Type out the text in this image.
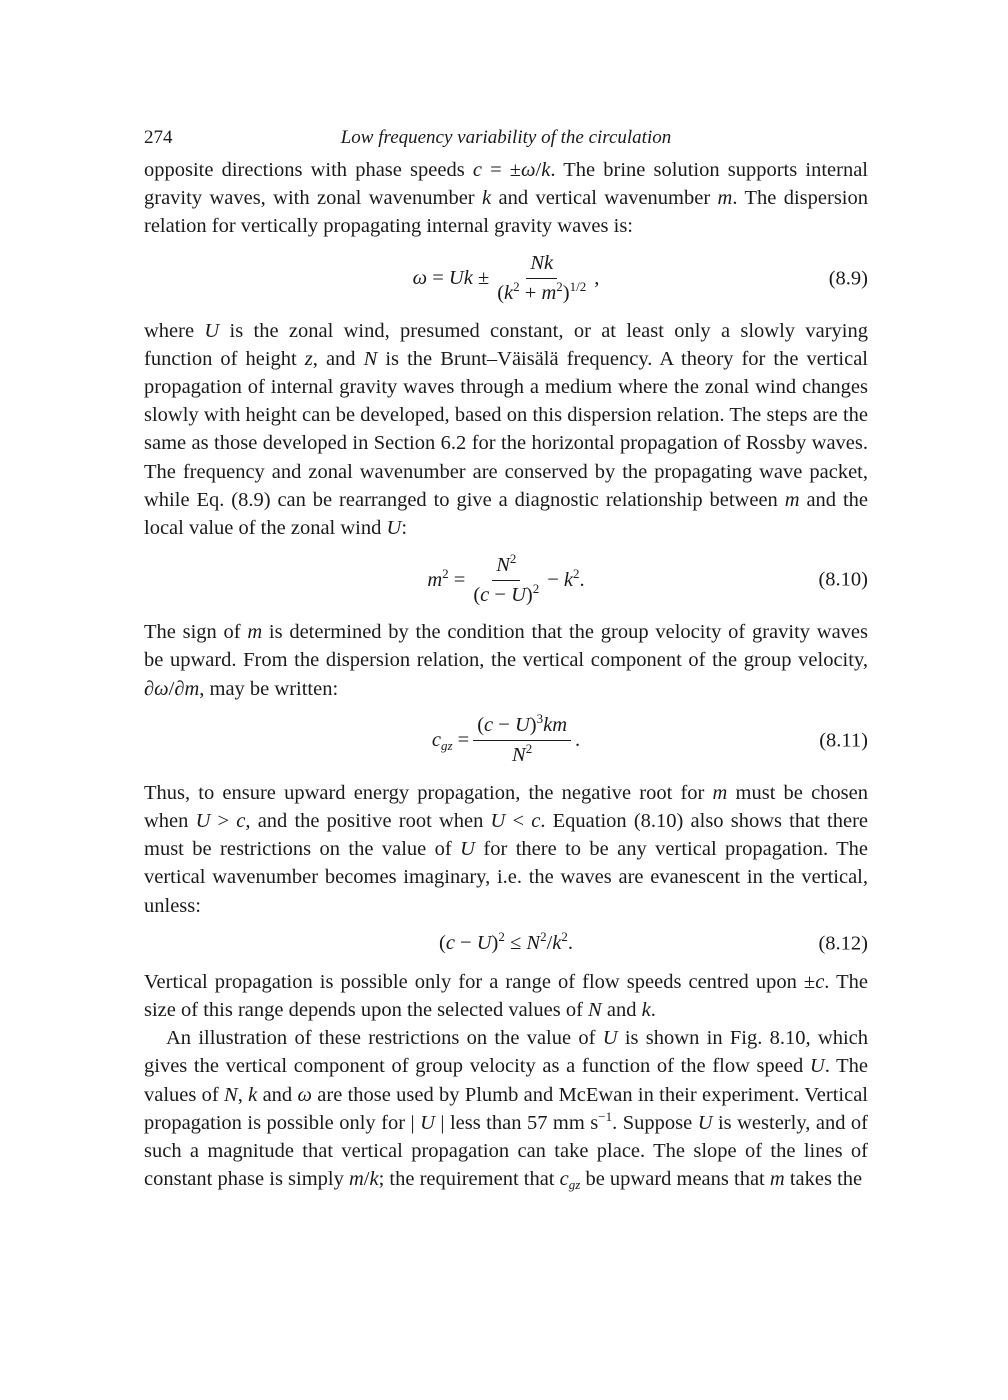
274	Low frequency variability of the circulation

opposite directions with phase speeds c = ±ω/k. The brine solution supports internal gravity waves, with zonal wavenumber k and vertical wavenumber m. The dispersion relation for vertically propagating internal gravity waves is:

$\omega = Uk \pm \frac{Nk}{(k^2 + m^2)^{1/2}}$ ,	(8.9)

where U is the zonal wind, presumed constant, or at least only a slowly varying function of height z, and N is the Brunt–Väisälä frequency. A theory for the vertical propagation of internal gravity waves through a medium where the zonal wind changes slowly with height can be developed, based on this dispersion relation. The steps are the same as those developed in Section 6.2 for the horizontal propagation of Rossby waves. The frequency and zonal wavenumber are conserved by the propagating wave packet, while Eq. (8.9) can be rearranged to give a diagnostic relationship between m and the local value of the zonal wind U:

$m^2 = \frac{N^2}{(c - U)^2} - k^2$.	(8.10)

The sign of m is determined by the condition that the group velocity of gravity waves be upward. From the dispersion relation, the vertical component of the group velocity, ∂ω/∂m, may be written:

$c_{gz} = \frac{(c - U)^3km}{N^2}$ .	(8.11)

Thus, to ensure upward energy propagation, the negative root for m must be chosen when U > c, and the positive root when U < c. Equation (8.10) also shows that there must be restrictions on the value of U for there to be any vertical propagation. The vertical wavenumber becomes imaginary, i.e. the waves are evanescent in the vertical, unless:

$(c - U)^2 \le N^2/k^2$.	(8.12)

Vertical propagation is possible only for a range of flow speeds centred upon ±c. The size of this range depends upon the selected values of N and k.

An illustration of these restrictions on the value of U is shown in Fig. 8.10, which gives the vertical component of group velocity as a function of the flow speed U. The values of N, k and ω are those used by Plumb and McEwan in their experiment. Vertical propagation is possible only for | U | less than 57 mm $s^{-1}$. Suppose U is westerly, and of such a magnitude that vertical propagation can take place. The slope of the lines of constant phase is simply m/k; the requirement that $c_{gz}$ be upward means that m takes the
